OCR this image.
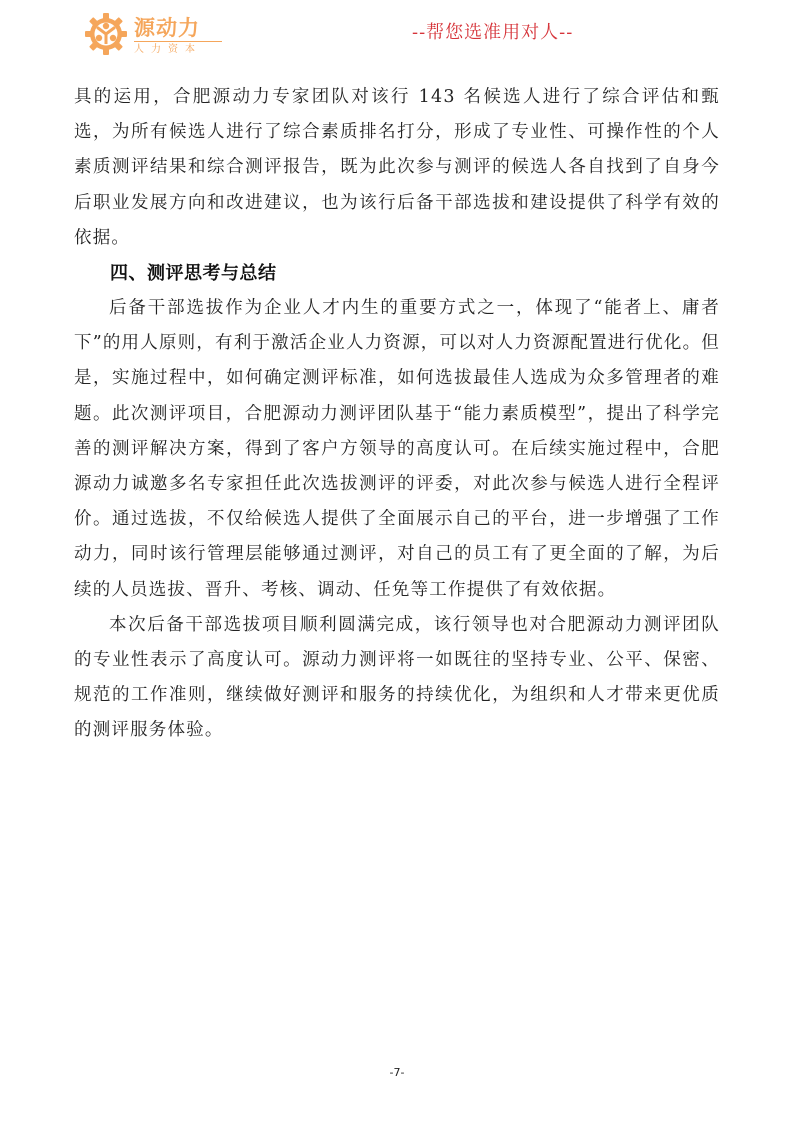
源动力
人力资本
--帮您选准用对人--

具的运用，合肥源动力专家团队对该行 143 名候选人进行了综合评估和甄选，为所有候选人进行了综合素质排名打分，形成了专业性、可操作性的个人素质测评结果和综合测评报告，既为此次参与测评的候选人各自找到了自身今后职业发展方向和改进建议，也为该行后备干部选拔和建设提供了科学有效的依据。

四、测评思考与总结

后备干部选拔作为企业人才内生的重要方式之一，体现了“能者上、庸者下”的用人原则，有利于激活企业人力资源，可以对人力资源配置进行优化。但是，实施过程中，如何确定测评标准，如何选拔最佳人选成为众多管理者的难题。此次测评项目，合肥源动力测评团队基于“能力素质模型”，提出了科学完善的测评解决方案，得到了客户方领导的高度认可。在后续实施过程中，合肥源动力诚邀多名专家担任此次选拔测评的评委，对此次参与候选人进行全程评价。通过选拔，不仅给候选人提供了全面展示自己的平台，进一步增强了工作动力，同时该行管理层能够通过测评，对自己的员工有了更全面的了解，为后续的人员选拔、晋升、考核、调动、任免等工作提供了有效依据。

本次后备干部选拔项目顺利圆满完成，该行领导也对合肥源动力测评团队的专业性表示了高度认可。源动力测评将一如既往的坚持专业、公平、保密、规范的工作准则，继续做好测评和服务的持续优化，为组织和人才带来更优质的测评服务体验。

-7-
